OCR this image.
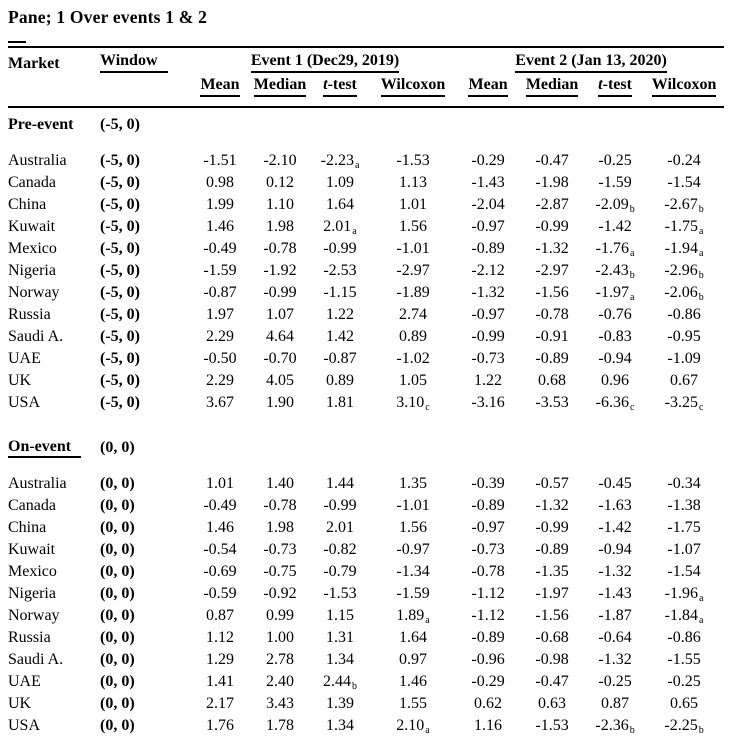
Pane; 1 Over events 1 & 2
Market	Window	Event 1 (Dec29, 2019)				Event 2 (Jan 13, 2020)			
		Mean	Median	t-test	Wilcoxon	Mean	Median	t-test	Wilcoxon

Pre-event	(-5, 0)								

Australia	(-5, 0)	-1.51	-2.10	-2.23a	-1.53	-0.29	-0.47	-0.25	-0.24
Canada	(-5, 0)	0.98	0.12	1.09	1.13	-1.43	-1.98	-1.59	-1.54
China	(-5, 0)	1.99	1.10	1.64	1.01	-2.04	-2.87	-2.09b	-2.67b
Kuwait	(-5, 0)	1.46	1.98	2.01a	1.56	-0.97	-0.99	-1.42	-1.75a
Mexico	(-5, 0)	-0.49	-0.78	-0.99	-1.01	-0.89	-1.32	-1.76a	-1.94a
Nigeria	(-5, 0)	-1.59	-1.92	-2.53	-2.97	-2.12	-2.97	-2.43b	-2.96b
Norway	(-5, 0)	-0.87	-0.99	-1.15	-1.89	-1.32	-1.56	-1.97a	-2.06b
Russia	(-5, 0)	1.97	1.07	1.22	2.74	-0.97	-0.78	-0.76	-0.86
Saudi A.	(-5, 0)	2.29	4.64	1.42	0.89	-0.99	-0.91	-0.83	-0.95
UAE	(-5, 0)	-0.50	-0.70	-0.87	-1.02	-0.73	-0.89	-0.94	-1.09
UK	(-5, 0)	2.29	4.05	0.89	1.05	1.22	0.68	0.96	0.67
USA	(-5, 0)	3.67	1.90	1.81	3.10c	-3.16	-3.53	-6.36c	-3.25c

On-event	(0, 0)								

Australia	(0, 0)	1.01	1.40	1.44	1.35	-0.39	-0.57	-0.45	-0.34
Canada	(0, 0)	-0.49	-0.78	-0.99	-1.01	-0.89	-1.32	-1.63	-1.38
China	(0, 0)	1.46	1.98	2.01	1.56	-0.97	-0.99	-1.42	-1.75
Kuwait	(0, 0)	-0.54	-0.73	-0.82	-0.97	-0.73	-0.89	-0.94	-1.07
Mexico	(0, 0)	-0.69	-0.75	-0.79	-1.34	-0.78	-1.35	-1.32	-1.54
Nigeria	(0, 0)	-0.59	-0.92	-1.53	-1.59	-1.12	-1.97	-1.43	-1.96a
Norway	(0, 0)	0.87	0.99	1.15	1.89a	-1.12	-1.56	-1.87	-1.84a
Russia	(0, 0)	1.12	1.00	1.31	1.64	-0.89	-0.68	-0.64	-0.86
Saudi A.	(0, 0)	1.29	2.78	1.34	0.97	-0.96	-0.98	-1.32	-1.55
UAE	(0, 0)	1.41	2.40	2.44b	1.46	-0.29	-0.47	-0.25	-0.25
UK	(0, 0)	2.17	3.43	1.39	1.55	0.62	0.63	0.87	0.65
USA	(0, 0)	1.76	1.78	1.34	2.10a	1.16	-1.53	-2.36b	-2.25b
